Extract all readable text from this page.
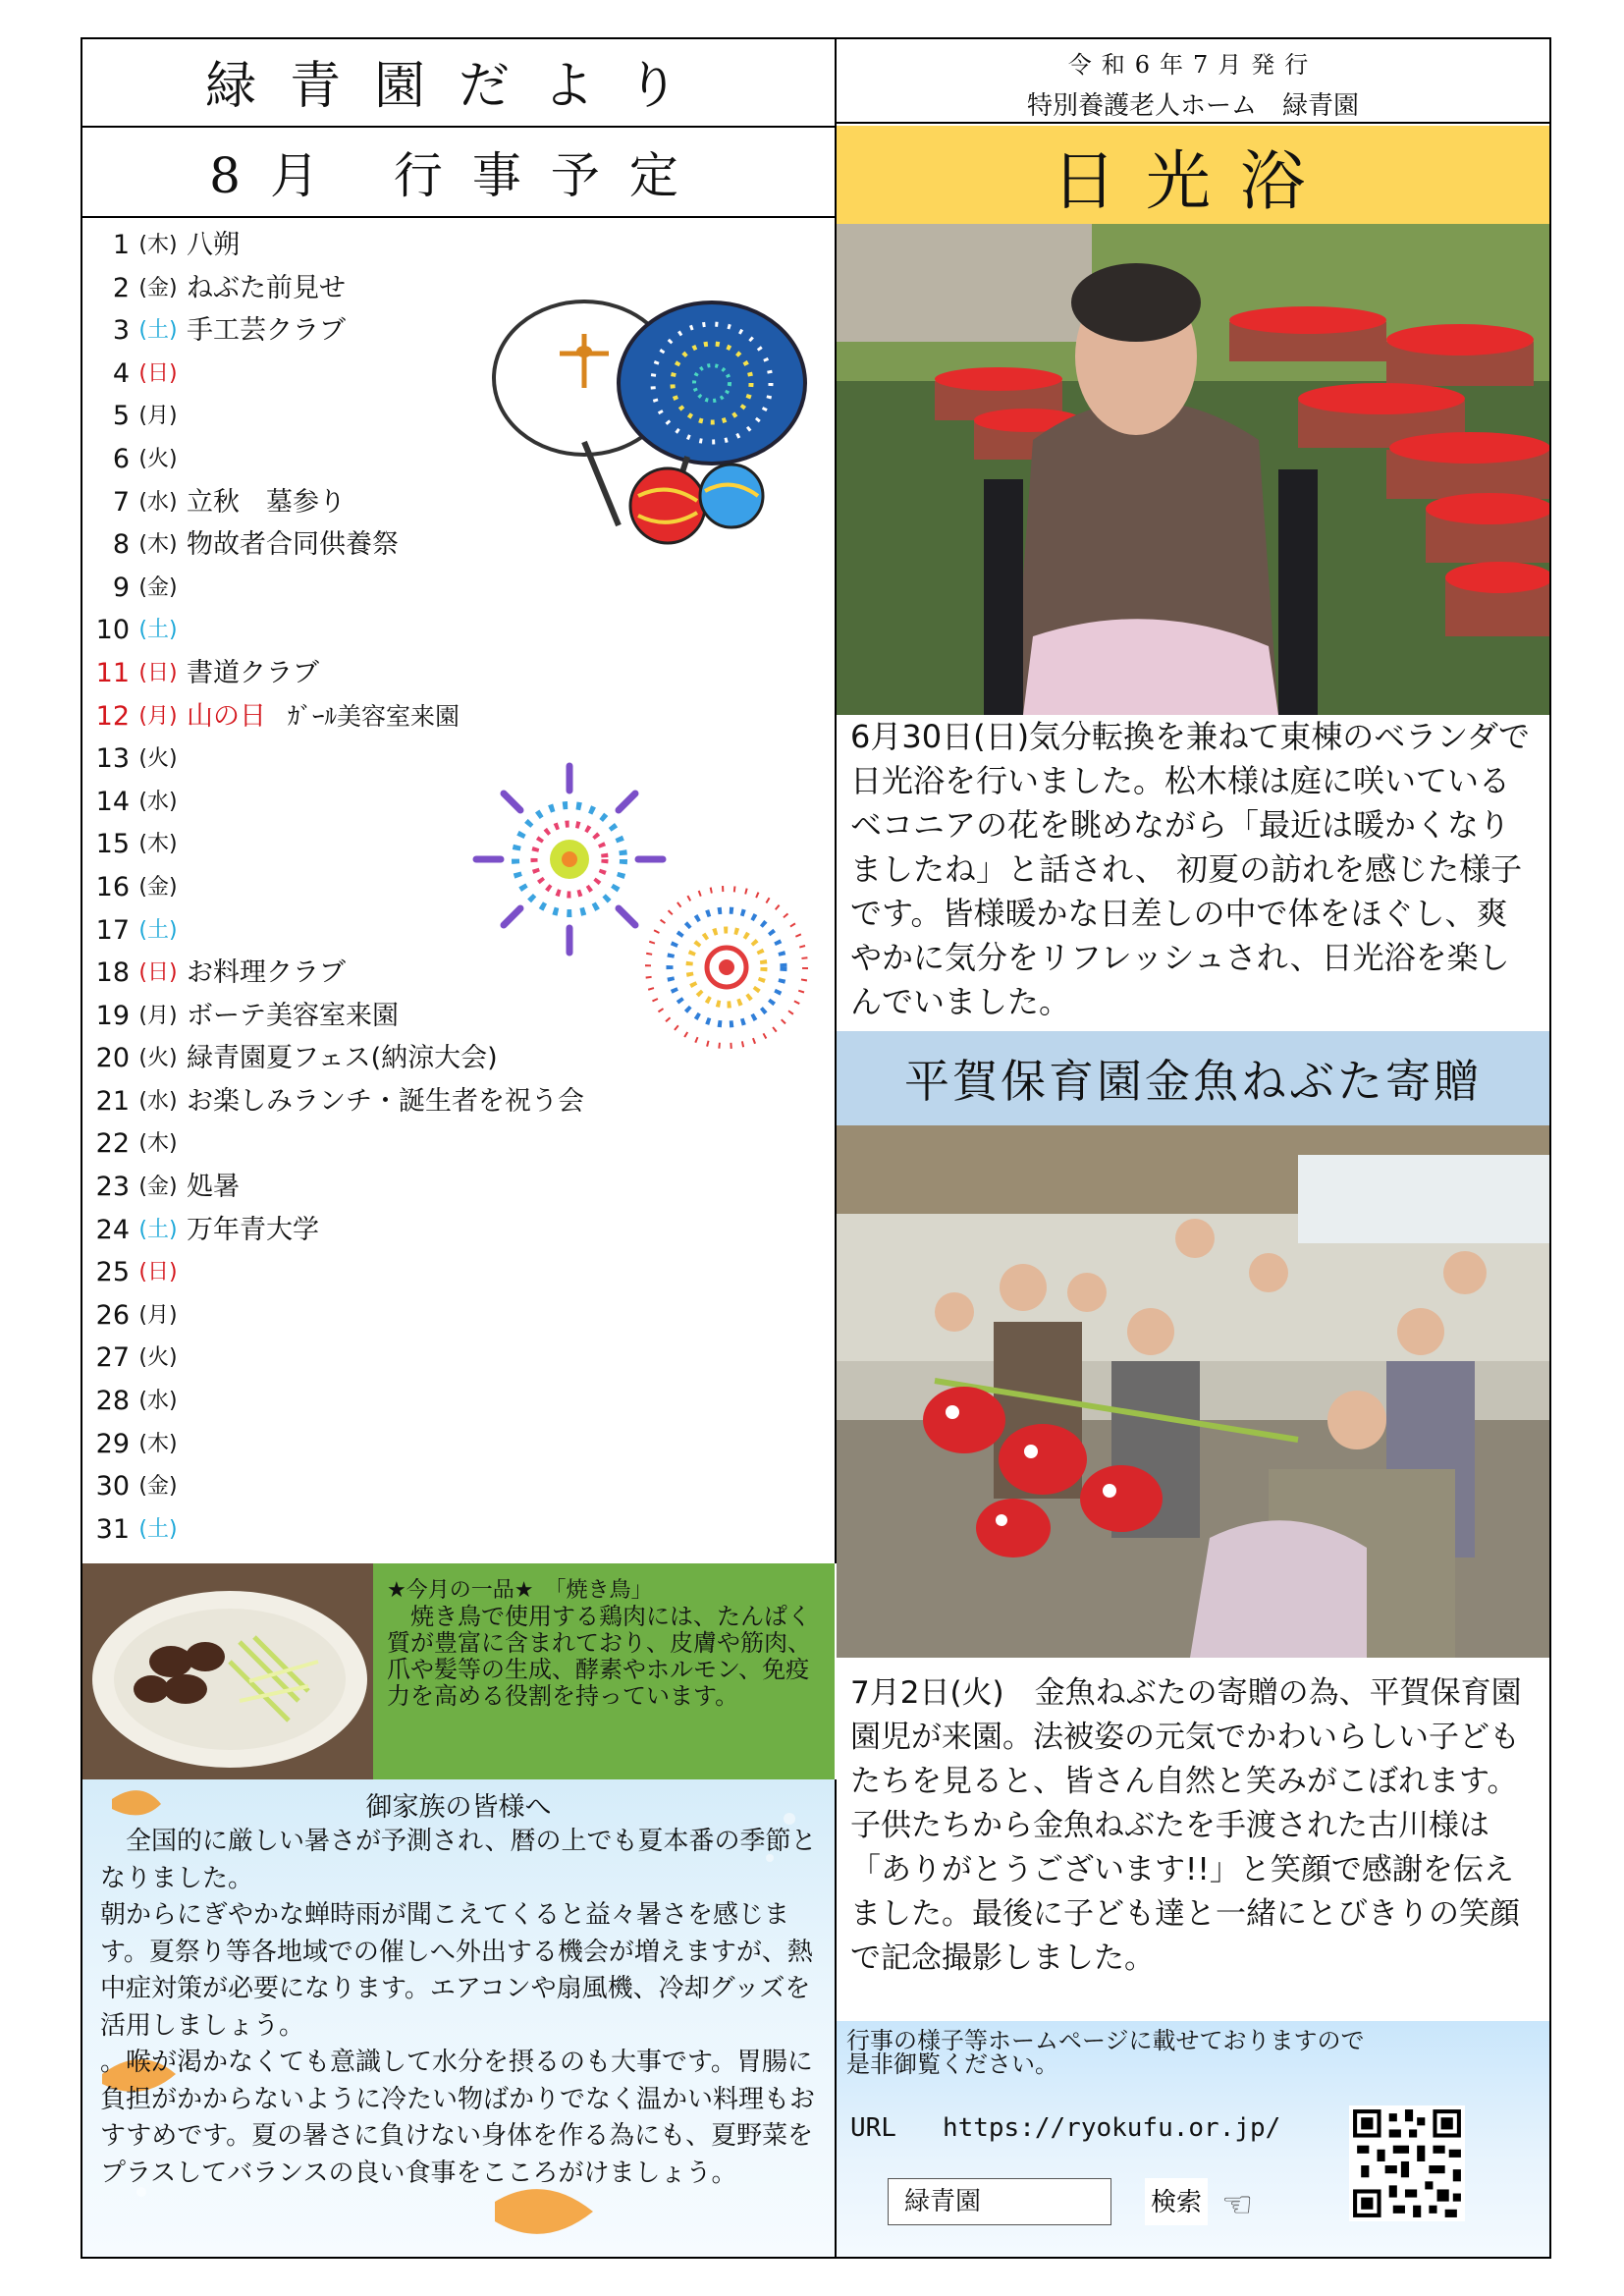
緑青園だより	令和6年7月発行
特別養護老人ホーム　緑青園
8月 行事予定
1 (木) 八朔
2 (金) ねぶた前見せ
3 (土) 手工芸クラブ
4 (日)
5 (月)
6 (火)
7 (水) 立秋　墓参り
8 (木) 物故者合同供養祭
9 (金)
10 (土)
11 (日) 書道クラブ
12 (月) 山の日 ｶﾞｰﾙ美容室来園
13 (火)
14 (水)
15 (木)
16 (金)
17 (土)
18 (日) お料理クラブ
19 (月) ボーテ美容室来園
20 (火) 緑青園夏フェス(納涼大会)
21 (水) お楽しみランチ・誕生者を祝う会
22 (木)
23 (金) 処暑
24 (土) 万年青大学
25 (日)
26 (月)
27 (火)
28 (水)
29 (木)
30 (金)
31 (土)
日光浴
6月30日(日)気分転換を兼ねて東棟のベランダで日光浴を行いました。松木様は庭に咲いているベコニアの花を眺めながら「最近は暖かくなりましたね」と話され、 初夏の訪れを感じた様子です。皆様暖かな日差しの中で体をほぐし、爽やかに気分をリフレッシュされ、日光浴を楽しんでいました。
平賀保育園金魚ねぶた寄贈
7月2日(火)　金魚ねぶたの寄贈の為、平賀保育園園児が来園。法被姿の元気でかわいらしい子どもたちを見ると、皆さん自然と笑みがこぼれます。子供たちから金魚ねぶたを手渡された古川様は「ありがとうございます!!」と笑顔で感謝を伝えました。最後に子ども達と一緒にとびきりの笑顔で記念撮影しました。
★今月の一品★　「焼き鳥」
焼き鳥で使用する鶏肉には、たんぱく質が豊富に含まれており、皮膚や筋肉、爪や髪等の生成、酵素やホルモン、免疫力を高める役割を持っています。
御家族の皆様へ

　全国的に厳しい暑さが予測され、暦の上でも夏本番の季節となりました。

朝からにぎやかな蝉時雨が聞こえてくると益々暑さを感じます。夏祭り等各地域での催しへ外出する機会が増えますが、熱中症対策が必要になります。エアコンや扇風機、冷却グッズを活用しましょう。

。喉が渇かなくても意識して水分を摂るのも大事です。胃腸に負担がかからないように冷たい物ばかりでなく温かい料理もおすすめです。夏の暑さに負けない身体を作る為にも、夏野菜をプラスしてバランスの良い食事をこころがけましょう。

行事の様子等ホームページに載せておりますので
是非御覧ください。
URL https://ryokufu.or.jp/
緑青園	検索 ☜
